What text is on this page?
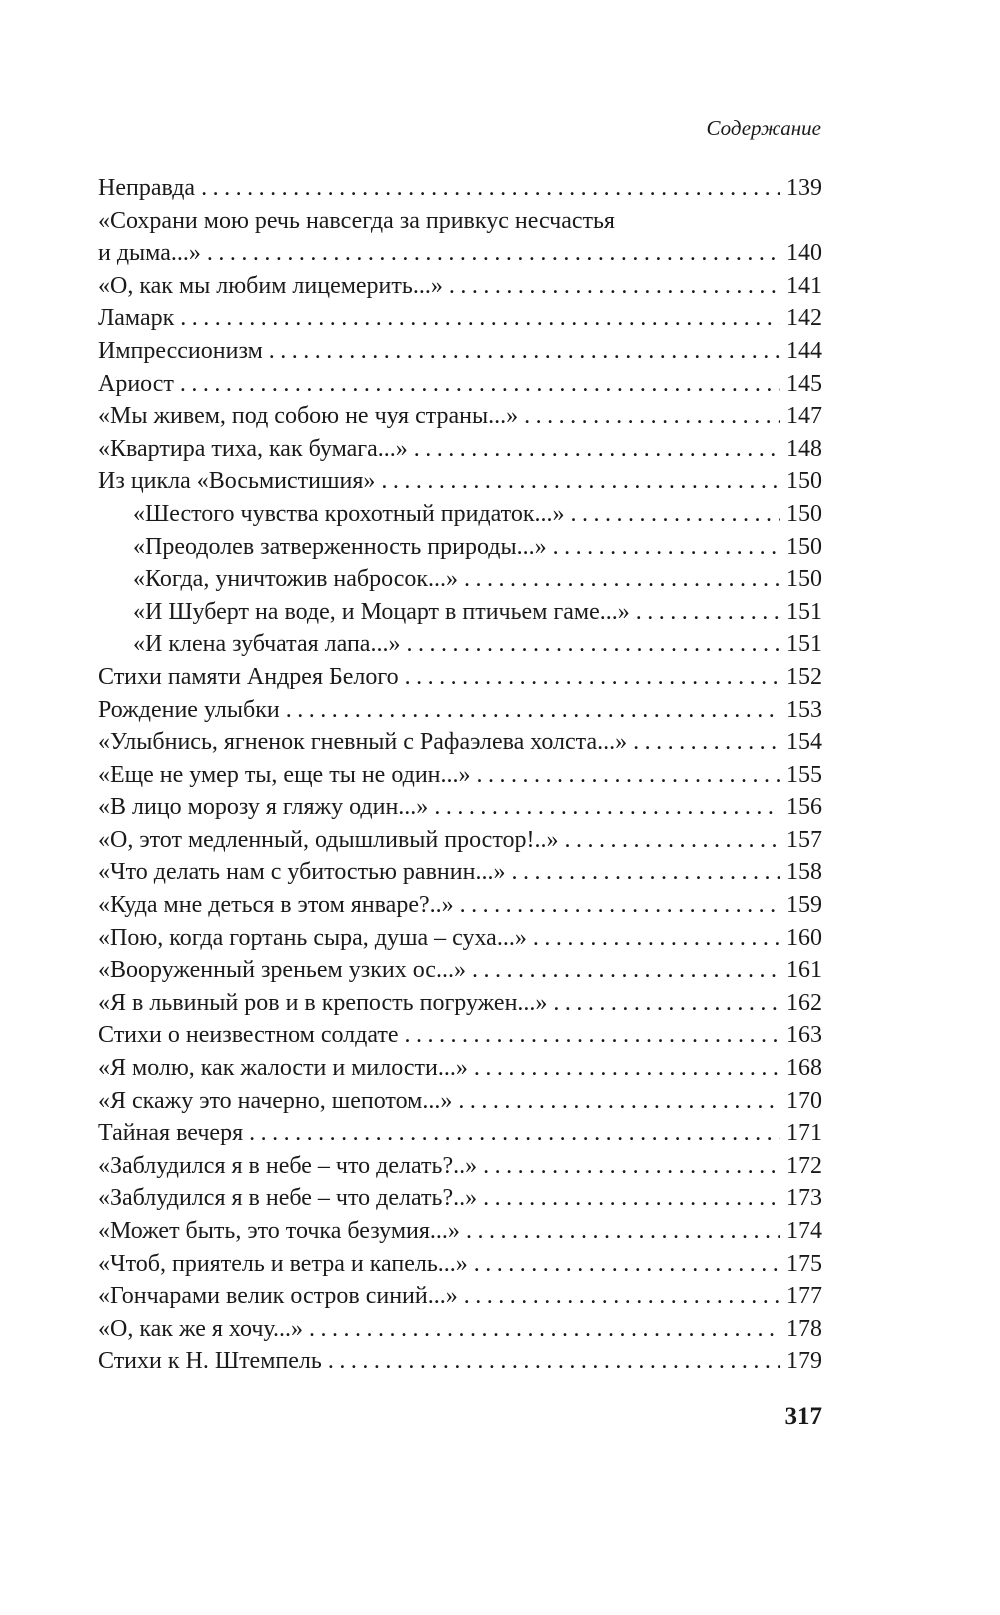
Содержание
Неправда . . .	139
«Сохрани мою речь навсегда за привкус несчастья
и дыма...» . . .	140
«О, как мы любим лицемерить...» . . .	141
Ламарк . . .	142
Импрессионизм . . .	144
Ариост . . .	145
«Мы живем, под собою не чуя страны...» . . .	147
«Квартира тиха, как бумага...» . . .	148
Из цикла «Восьмистишия» . . .	150
«Шестого чувства крохотный придаток...» . . .	150
«Преодолев затверженность природы...» . . .	150
«Когда, уничтожив набросок...» . . .	150
«И Шуберт на воде, и Моцарт в птичьем гаме...» . . .	151
«И клена зубчатая лапа...» . . .	151
Стихи памяти Андрея Белого . . .	152
Рождение улыбки . . .	153
«Улыбнись, ягненок гневный с Рафаэлева холста...» . . .	154
«Еще не умер ты, еще ты не один...» . . .	155
«В лицо морозу я гляжу один...» . . .	156
«О, этот медленный, одышливый простор!..» . . .	157
«Что делать нам с убитостью равнин...» . . .	158
«Куда мне деться в этом январе?..» . . .	159
«Пою, когда гортань сыра, душа – суха...» . . .	160
«Вооруженный зреньем узких ос...» . . .	161
«Я в львиный ров и в крепость погружен...» . . .	162
Стихи о неизвестном солдате . . .	163
«Я молю, как жалости и милости...» . . .	168
«Я скажу это начерно, шепотом...» . . .	170
Тайная вечеря . . .	171
«Заблудился я в небе – что делать?..» . . .	172
«Заблудился я в небе – что делать?..» . . .	173
«Может быть, это точка безумия...» . . .	174
«Чтоб, приятель и ветра и капель...» . . .	175
«Гончарами велик остров синий...» . . .	177
«О, как же я хочу...» . . .	178
Стихи к Н. Штемпель . . .	179
317
